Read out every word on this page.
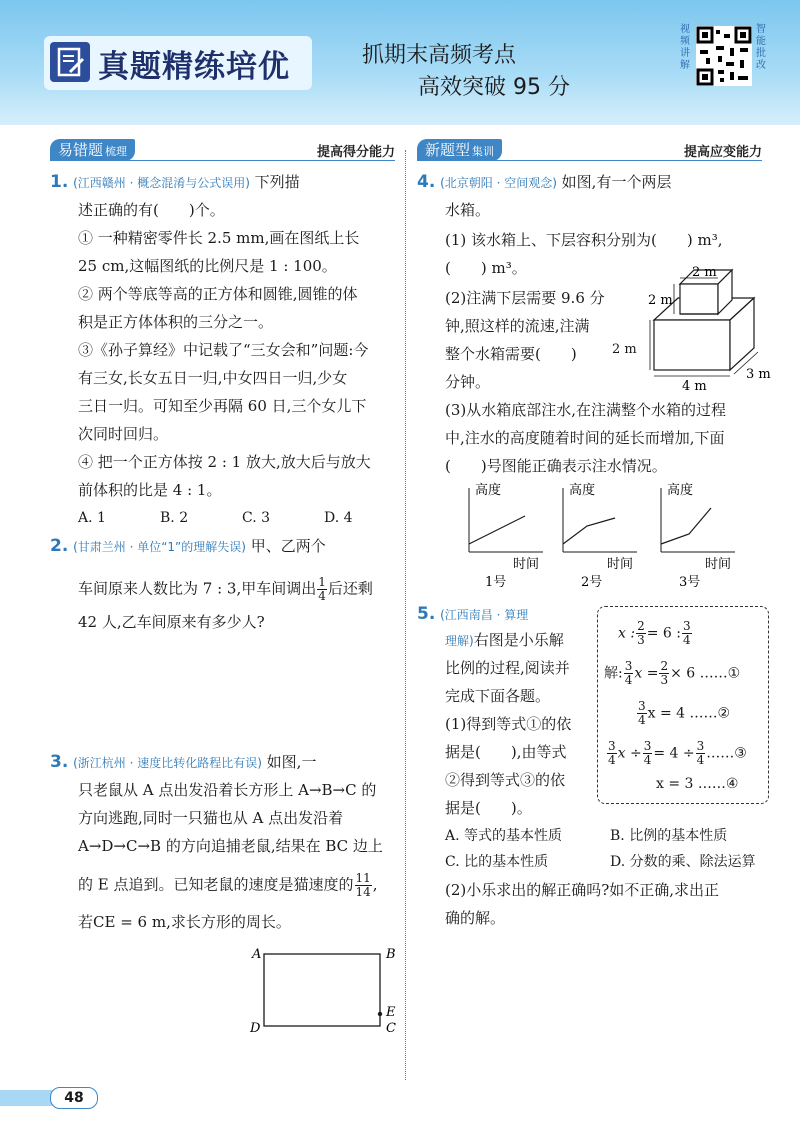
真题精练培优	抓期末高频考点
高效突破 95 分
视频讲解
智能批改
易错题 梳理	提高得分能力	新题型 集训	提高应变能力
1. (江西赣州 · 概念混淆与公式误用) 下列描
述正确的有(　　)个。
① 一种精密零件长 2.5 mm,画在图纸上长
25 cm,这幅图纸的比例尺是 1 : 100。
② 两个等底等高的正方体和圆锥,圆锥的体
积是正方体体积的三分之一。
③《孙子算经》中记载了“三女会和”问题:今
有三女,长女五日一归,中女四日一归,少女
三日一归。可知至少再隔 60 日,三个女儿下
次同时回归。
④ 把一个正方体按 2 : 1 放大,放大后与放大
前体积的比是 4 : 1。
A. 1	B. 2	C. 3	D. 4
2. (甘肃兰州 · 单位“1”的理解失误) 甲、乙两个
车间原来人数比为 7 : 3,甲车间调出 $\frac{1}{4}$ 后还剩
42 人,乙车间原来有多少人?
3. (浙江杭州 · 速度比转化路程比有误) 如图,一
只老鼠从 A 点出发沿着长方形上 A→B→C 的
方向逃跑,同时一只猫也从 A 点出发沿着
A→D→C→B 的方向追捕老鼠,结果在 BC 边上
的 E 点追到。已知老鼠的速度是猫速度的 $\frac{11}{14}$ ,
若CE = 6 m,求长方形的周长。
A	B
C
D
E
4. (北京朝阳 · 空间观念) 如图,有一个两层
水箱。
(1) 该水箱上、下层容积分别为(　　) m³,
(　　) m³。
(2)注满下层需要 9.6 分
钟,照这样的流速,注满
整个水箱需要(　　)
分钟。
2 m
2 m
4 m
3 m
2 m
(3)从水箱底部注水,在注满整个水箱的过程
中,注水的高度随着时间的延长而增加,下面
(　　)号图能正确表示注水情况。
高度
时间
1号
高度
时间
2号
高度
时间
3号
5. (江西南昌 · 算理
理解)右图是小乐解
比例的过程,阅读并
完成下面各题。
(1)得到等式①的依
据是(　　),由等式
②得到等式③的依
据是(　　)。
x : $\frac{2}{3} = 6$ : $\frac{3}{4}$
解: $\frac{3}{4}$ $x = \frac{2}{3} \times 6$ ……①
$\frac{3}{4}$ x = 4 ……②
$\frac{3}{4}$ $x \div \frac{3}{4} = 4 \div \frac{3}{4}$ ……③
x = 3 ……④
A. 等式的基本性质	B. 比例的基本性质
C. 比的基本性质	D. 分数的乘、除法运算
(2)小乐求出的解正确吗?如不正确,求出正
确的解。
48
